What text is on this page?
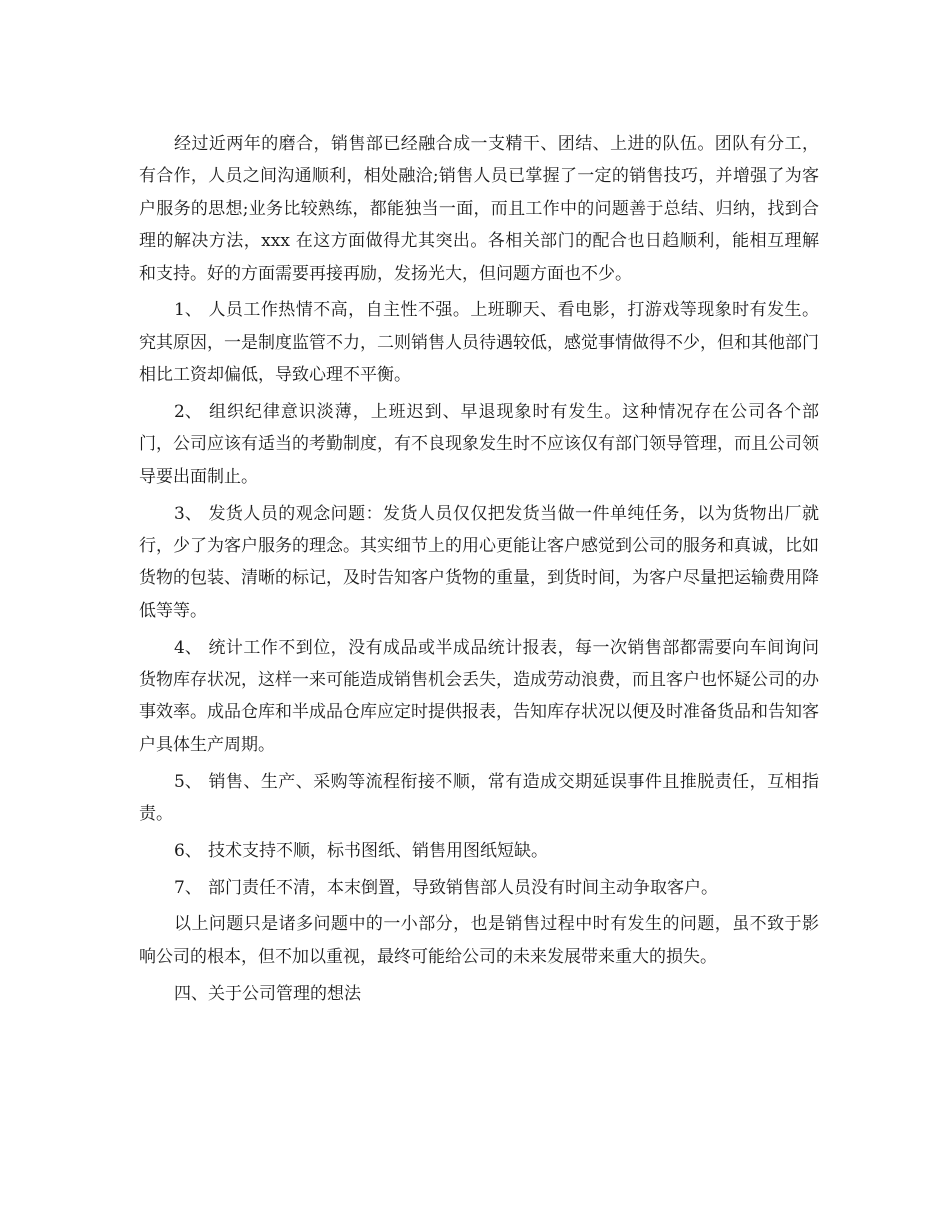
经过近两年的磨合，销售部已经融合成一支精干、团结、上进的队伍。团队有分工，有合作，人员之间沟通顺利，相处融洽;销售人员已掌握了一定的销售技巧，并增强了为客户服务的思想;业务比较熟练，都能独当一面，而且工作中的问题善于总结、归纳，找到合理的解决方法，xxx 在这方面做得尤其突出。各相关部门的配合也日趋顺利，能相互理解和支持。好的方面需要再接再励，发扬光大，但问题方面也不少。

1、 人员工作热情不高，自主性不强。上班聊天、看电影，打游戏等现象时有发生。究其原因，一是制度监管不力，二则销售人员待遇较低，感觉事情做得不少，但和其他部门相比工资却偏低，导致心理不平衡。

2、 组织纪律意识淡薄，上班迟到、早退现象时有发生。这种情况存在公司各个部门，公司应该有适当的考勤制度，有不良现象发生时不应该仅有部门领导管理，而且公司领导要出面制止。

3、 发货人员的观念问题：发货人员仅仅把发货当做一件单纯任务，以为货物出厂就行，少了为客户服务的理念。其实细节上的用心更能让客户感觉到公司的服务和真诚，比如货物的包装、清晰的标记，及时告知客户货物的重量，到货时间，为客户尽量把运输费用降低等等。

4、 统计工作不到位，没有成品或半成品统计报表，每一次销售部都需要向车间询问货物库存状况，这样一来可能造成销售机会丢失，造成劳动浪费，而且客户也怀疑公司的办事效率。成品仓库和半成品仓库应定时提供报表，告知库存状况以便及时准备货品和告知客户具体生产周期。

5、 销售、生产、采购等流程衔接不顺，常有造成交期延误事件且推脱责任，互相指责。

6、 技术支持不顺，标书图纸、销售用图纸短缺。

7、 部门责任不清，本末倒置，导致销售部人员没有时间主动争取客户。

以上问题只是诸多问题中的一小部分，也是销售过程中时有发生的问题，虽不致于影响公司的根本，但不加以重视，最终可能给公司的未来发展带来重大的损失。

四、关于公司管理的想法
